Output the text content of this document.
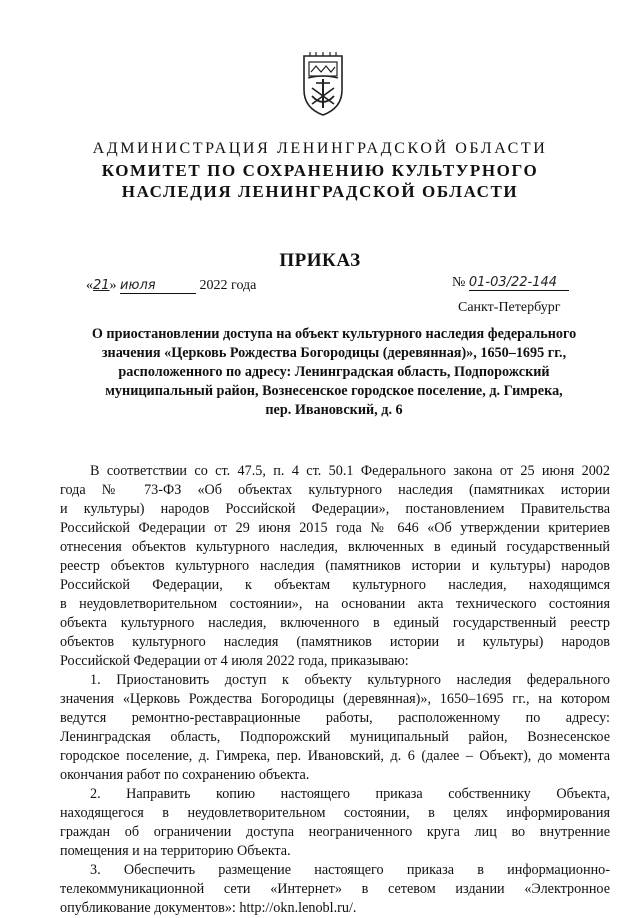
АДМИНИСТРАЦИЯ ЛЕНИНГРАДСКОЙ ОБЛАСТИ
КОМИТЕТ ПО СОХРАНЕНИЮ КУЛЬТУРНОГО
НАСЛЕДИЯ ЛЕНИНГРАДСКОЙ ОБЛАСТИ
ПРИКАЗ
«21» июля	2022 года	№ 01-03/22-144
Санкт-Петербург
О приостановлении доступа на объект культурного наследия федерального
значения «Церковь Рождества Богородицы (деревянная)», 1650–1695 гг.,
расположенного по адресу: Ленинградская область, Подпорожский
муниципальный район, Вознесенское городское поселение, д. Гимрека,
пер. Ивановский, д. 6
В соответствии со ст. 47.5, п. 4 ст. 50.1 Федерального закона от 25 июня 2002
года № 73-ФЗ «Об объектах культурного наследия (памятниках истории
и культуры) народов Российской Федерации», постановлением Правительства
Российской Федерации от 29 июня 2015 года № 646 «Об утверждении критериев
отнесения объектов культурного наследия, включенных в единый государственный
реестр объектов культурного наследия (памятников истории и культуры) народов
Российской Федерации, к объектам культурного наследия, находящимся
в неудовлетворительном состоянии», на основании акта технического состояния
объекта культурного наследия, включенного в единый государственный реестр
объектов культурного наследия (памятников истории и культуры) народов
Российской Федерации от 4 июля 2022 года, приказываю:
1. Приостановить доступ к объекту культурного наследия федерального
значения «Церковь Рождества Богородицы (деревянная)», 1650–1695 гг., на котором
ведутся ремонтно-реставрационные работы, расположенному по адресу:
Ленинградская область, Подпорожский муниципальный район, Вознесенское
городское поселение, д. Гимрека, пер. Ивановский, д. 6 (далее – Объект), до момента
окончания работ по сохранению объекта.
2. Направить копию настоящего приказа собственнику Объекта,
находящегося в неудовлетворительном состоянии, в целях информирования
граждан об ограничении доступа неограниченного круга лиц во внутренние
помещения и на территорию Объекта.
3. Обеспечить размещение настоящего приказа в информационно-
телекоммуникационной сети «Интернет» в сетевом издании «Электронное
опубликование документов»: http://okn.lenobl.ru/.
